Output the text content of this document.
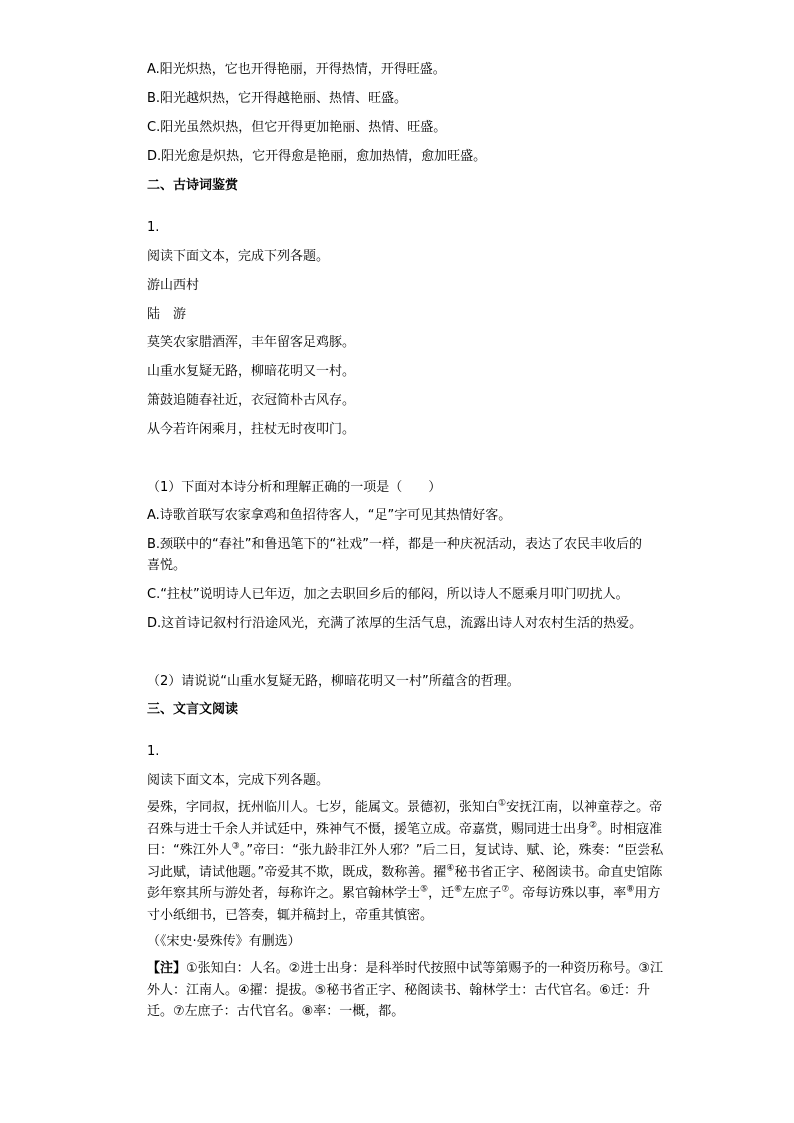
A.阳光炽热，它也开得艳丽，开得热情，开得旺盛。
B.阳光越炽热，它开得越艳丽、热情、旺盛。
C.阳光虽然炽热，但它开得更加艳丽、热情、旺盛。
D.阳光愈是炽热，它开得愈是艳丽，愈加热情，愈加旺盛。
二、古诗词鉴赏
1.
阅读下面文本，完成下列各题。
游山西村
陆　游
莫笑农家腊酒浑，丰年留客足鸡豚。
山重水复疑无路，柳暗花明又一村。
箫鼓追随春社近，衣冠简朴古风存。
从今若许闲乘月，拄杖无时夜叩门。
（1）下面对本诗分析和理解正确的一项是（　　）
A.诗歌首联写农家拿鸡和鱼招待客人，“足”字可见其热情好客。
B.颈联中的“春社”和鲁迅笔下的“社戏”一样，都是一种庆祝活动，表达了农民丰收后的
喜悦。
C.“拄杖”说明诗人已年迈，加之去职回乡后的郁闷，所以诗人不愿乘月叩门叨扰人。
D.这首诗记叙村行沿途风光，充满了浓厚的生活气息，流露出诗人对农村生活的热爱。
（2）请说说“山重水复疑无路，柳暗花明又一村”所蕴含的哲理。
三、文言文阅读
1.
阅读下面文本，完成下列各题。
晏殊，字同叔，抚州临川人。七岁，能属文。景德初，张知白①安抚江南，以神童荐之。帝召殊与进士千余人并试廷中，殊神气不慑，援笔立成。帝嘉赏，赐同进士出身②。时相寇准曰：“殊江外人③。”帝曰：“张九龄非江外人邪？”后二日，复试诗、赋、论，殊奏：“臣尝私习此赋，请试他题。”帝爱其不欺，既成，数称善。擢④秘书省正字、秘阁读书。命直史馆陈彭年察其所与游处者，每称许之。累官翰林学士⑤，迁⑥左庶子⑦。帝每访殊以事，率⑧用方寸小纸细书，已答奏，辄并稿封上，帝重其慎密。
（《宋史·晏殊传》有删选）
【注】①张知白：人名。②进士出身：是科举时代按照中试等第赐予的一种资历称号。③江外人：江南人。④擢：提拔。⑤秘书省正字、秘阁读书、翰林学士：古代官名。⑥迁：升迁。⑦左庶子：古代官名。⑧率：一概，都。
